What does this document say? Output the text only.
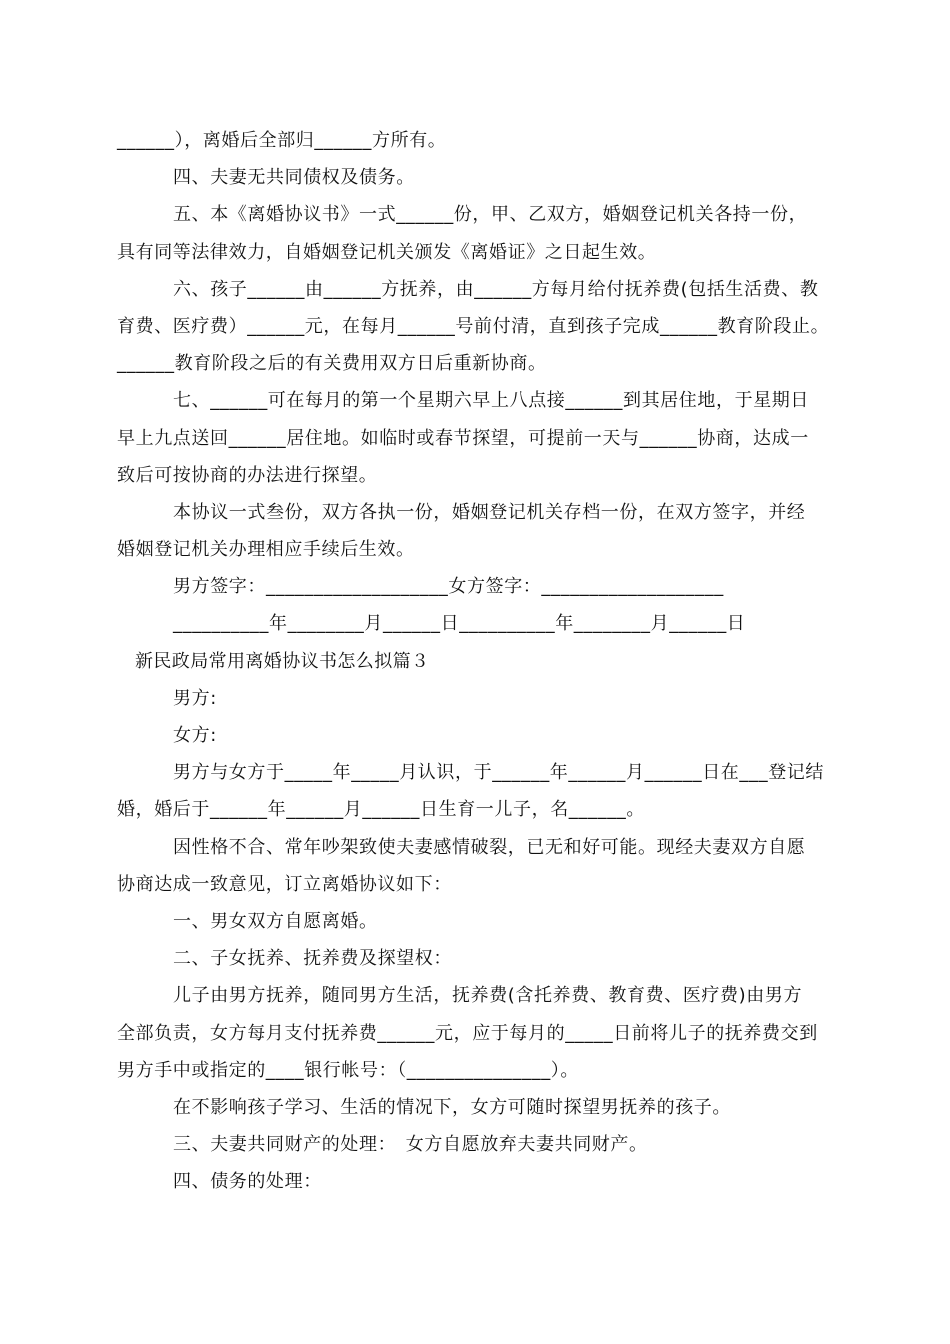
______），离婚后全部归______方所有。
四、夫妻无共同债权及债务。
五、本《离婚协议书》一式______份，甲、乙双方，婚姻登记机关各持一份，
具有同等法律效力，自婚姻登记机关颁发《离婚证》之日起生效。
六、孩子______由______方抚养，由______方每月给付抚养费(包括生活费、教
育费、医疗费）______元，在每月______号前付清，直到孩子完成______教育阶段止。
______教育阶段之后的有关费用双方日后重新协商。
七、______可在每月的第一个星期六早上八点接______到其居住地，于星期日
早上九点送回______居住地。如临时或春节探望，可提前一天与______协商，达成一
致后可按协商的办法进行探望。
本协议一式叁份，双方各执一份，婚姻登记机关存档一份，在双方签字，并经
婚姻登记机关办理相应手续后生效。
男方签字：___________________女方签字：___________________
__________年________月______日__________年________月______日
新民政局常用离婚协议书怎么拟篇３
男方:
女方:
男方与女方于_____年_____月认识，于______年______月______日在___登记结
婚，婚后于______年______月______日生育一儿子，名______。
因性格不合、常年吵架致使夫妻感情破裂，已无和好可能。现经夫妻双方自愿
协商达成一致意见，订立离婚协议如下：
一、男女双方自愿离婚。
二、子女抚养、抚养费及探望权：
儿子由男方抚养，随同男方生活，抚养费(含托养费、教育费、医疗费)由男方
全部负责，女方每月支付抚养费______元，应于每月的_____日前将儿子的抚养费交到
男方手中或指定的____银行帐号：（_______________）。
在不影响孩子学习、生活的情况下，女方可随时探望男抚养的孩子。
三、夫妻共同财产的处理：　女方自愿放弃夫妻共同财产。
四、债务的处理：
